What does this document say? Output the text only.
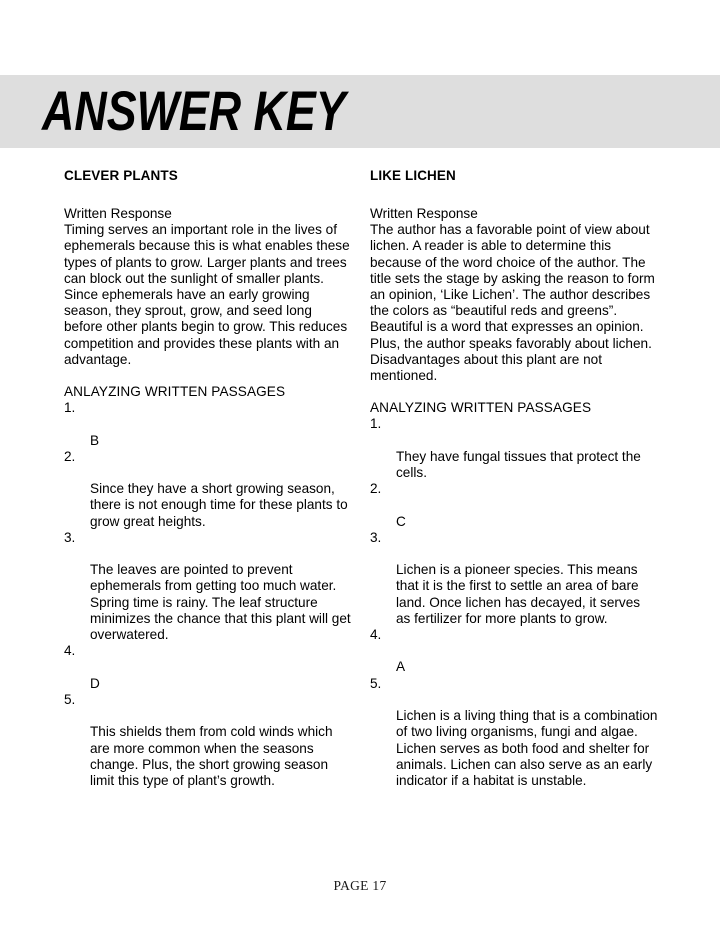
ANSWER KEY
CLEVER PLANTS
Written Response
Timing serves an important role in the lives of ephemerals because this is what enables these types of plants to grow. Larger plants and trees can block out the sunlight of smaller plants. Since ephemerals have an early growing season, they sprout, grow, and seed long before other plants begin to grow. This reduces competition and provides these plants with an advantage.
ANLAYZING WRITTEN PASSAGES

1.

B

2.

Since they have a short growing season, there is not enough time for these plants to grow great heights.

3.

The leaves are pointed to prevent ephemerals from getting too much water. Spring time is rainy. The leaf structure minimizes the chance that this plant will get overwatered.

4.

D

5.

This shields them from cold winds which are more common when the seasons change. Plus, the short growing season limit this type of plant’s growth.

LIKE LICHEN
Written Response
The author has a favorable point of view about lichen. A reader is able to determine this because of the word choice of the author. The title sets the stage by asking the reason to form an opinion, ‘Like Lichen’. The author describes the colors as “beautiful reds and greens”. Beautiful is a word that expresses an opinion. Plus, the author speaks favorably about lichen. Disadvantages about this plant are not mentioned.
ANALYZING WRITTEN PASSAGES

1.

They have fungal tissues that protect the cells.

2.

C

3.

Lichen is a pioneer species. This means that it is the first to settle an area of bare land. Once lichen has decayed, it serves as fertilizer for more plants to grow.

4.

A

5.

Lichen is a living thing that is a combination of two living organisms, fungi and algae. Lichen serves as both food and shelter for animals. Lichen can also serve as an early indicator if a habitat is unstable.

PAGE 17
